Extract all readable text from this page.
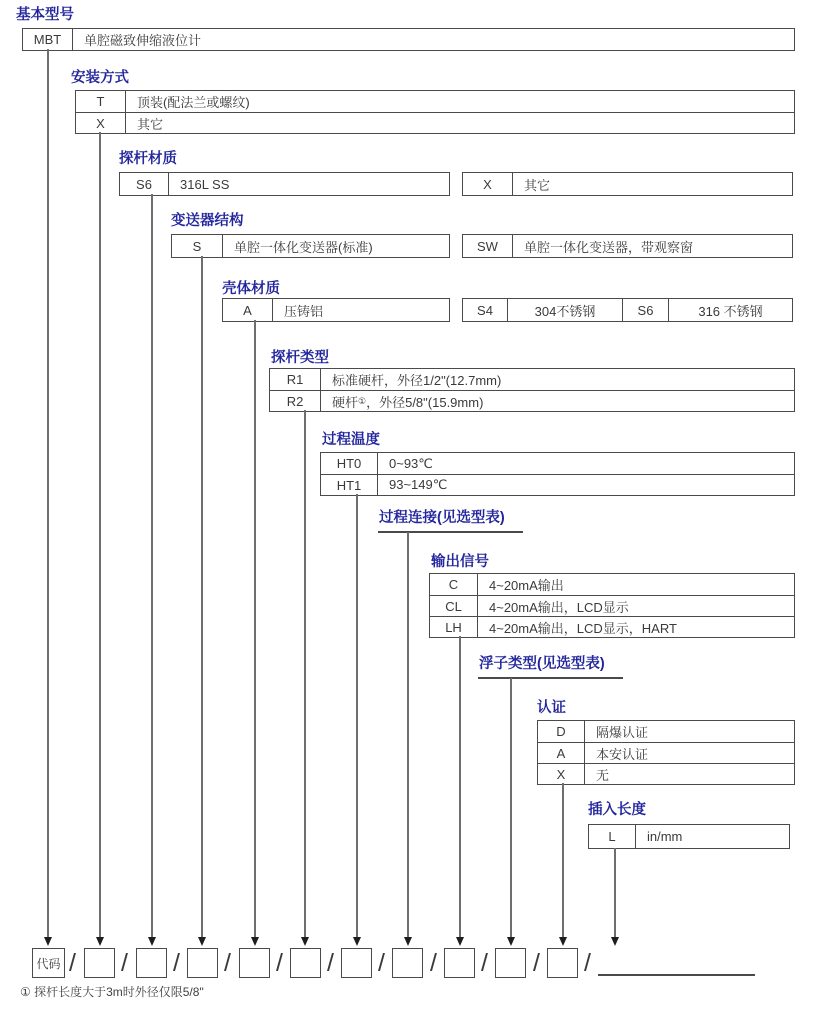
基本型号
MBT	单腔磁致伸缩液位计
安装方式
T	顶装(配法兰或螺纹)
X	其它
探杆材质
S6	316L SS	X	其它
变送器结构
S	单腔一体化变送器(标准)	SW	单腔一体化变送器，带观察窗
壳体材质
A	压铸铝	S4	304不锈钢	S6	316 不锈钢
探杆类型
R1	标准硬杆，外径1/2"(12.7mm)
R2	硬杆 ① ，外径5/8"(15.9mm)
过程温度
HT0	0~93℃
HT1	93~149℃
过程连接(见选型表)
输出信号
C	4~20mA输出
CL	4~20mA输出，LCD显示
LH	4~20mA输出，LCD显示，HART
浮子类型(见选型表)
认证
D	隔爆认证
A	本安认证
X	无
插入长度
L	in/mm
代码 / / / / / / / / / / /
① 探杆长度大于3m时外径仅限5/8"
